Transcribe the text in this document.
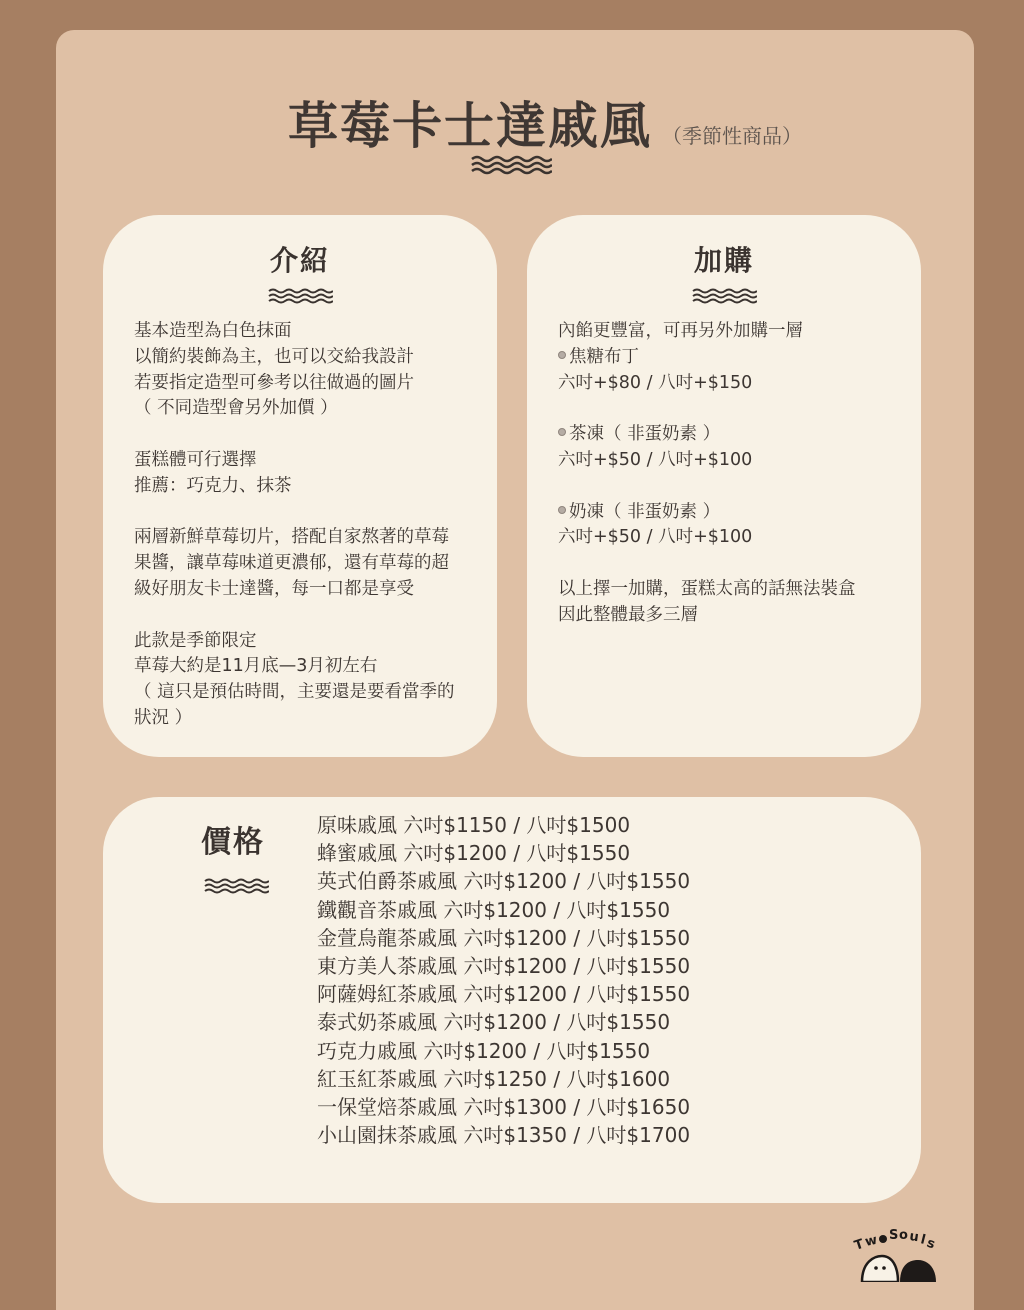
草莓卡士達戚風 （季節性商品）
介紹
基本造型為白色抹面
以簡約裝飾為主，也可以交給我設計
若要指定造型可參考以往做過的圖片
（ 不同造型會另外加價 ）
蛋糕體可行選擇
推薦：巧克力、抹茶
兩層新鮮草莓切片，搭配自家熬著的草莓
果醬，讓草莓味道更濃郁，還有草莓的超
級好朋友卡士達醬，每一口都是享受
此款是季節限定
草莓大約是11月底—3月初左右
（ 這只是預估時間，主要還是要看當季的
狀況 ）
加購
內餡更豐富，可再另外加購一層
焦糖布丁
六吋+$80 / 八吋+$150
茶凍（ 非蛋奶素 ）
六吋+$50 / 八吋+$100
奶凍（ 非蛋奶素 ）
六吋+$50 / 八吋+$100
以上擇一加購，蛋糕太高的話無法裝盒
因此整體最多三層
價格	原味戚風 六吋$1150 / 八吋$1500
蜂蜜戚風 六吋$1200 / 八吋$1550
英式伯爵茶戚風 六吋$1200 / 八吋$1550
鐵觀音茶戚風 六吋$1200 / 八吋$1550
金萱烏龍茶戚風 六吋$1200 / 八吋$1550
東方美人茶戚風 六吋$1200 / 八吋$1550
阿薩姆紅茶戚風 六吋$1200 / 八吋$1550
泰式奶茶戚風 六吋$1200 / 八吋$1550
巧克力戚風 六吋$1200 / 八吋$1550
紅玉紅茶戚風 六吋$1250 / 八吋$1600
一保堂焙茶戚風 六吋$1300 / 八吋$1650
小山園抹茶戚風 六吋$1350 / 八吋$1700
T
w S o u l
s
